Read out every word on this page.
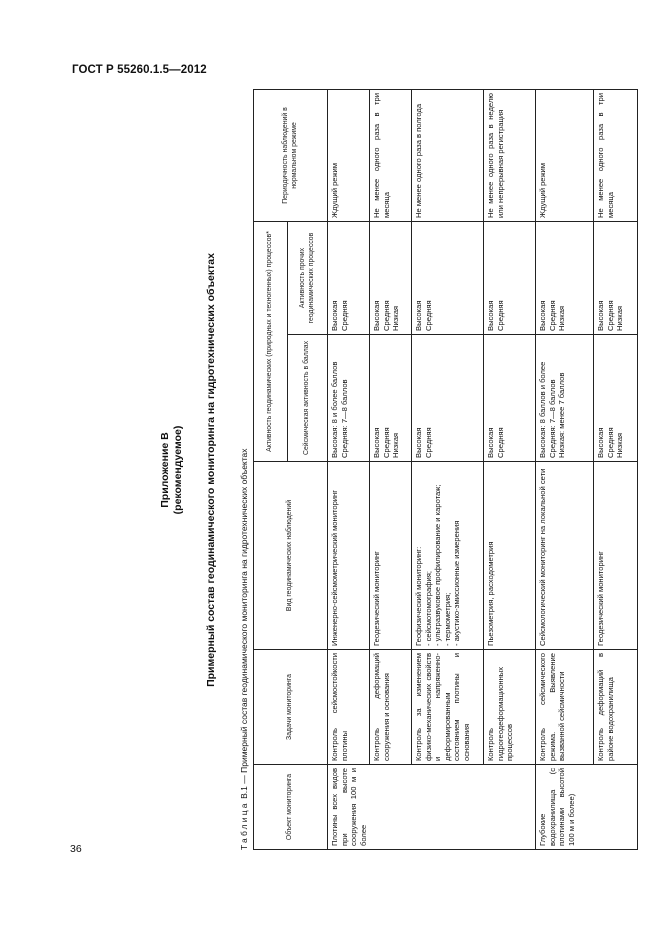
ГОСТ Р 55260.1.5—2012
Приложение В (рекомендуемое) Примерный состав геодинамического мониторинга на гидротехнических объектах
Таблица В.1 — Примерный состав геодинамического мониторинга на гидротехнических объектах
Объект мониторинга	Задачи мониторинга	Вид геодинамических наблюдений	Активность геодинамических (природных и техногенных) процессов*		Периодичность наблюдений в нормальном режиме
			Сейсмическая активность в баллах	Активность прочих геодинамических процессов	
Плотины всех видов при высоте сооружения 100 м и более	Контроль сейсмостойкости плотины	Инженерно-сейсмометрический мониторинг	Высокая: 8 и более баллов Средняя: 7—8 баллов	Высокая Средняя	Ждущий режим
	Контроль деформаций сооружения и основания	Геодезический мониторинг	Высокая Средняя Низкая	Высокая Средняя Низкая	Не менее одного раза в три месяца
	Контроль за изменением физико-механических свойств и напряженно-деформированным состоянием плотины и основания	Геофизический мониторинг: - сейсмотомография; - ультразвуковое профилирование и каротаж; - термометрия; - акустико-эмиссионные измерения	Высокая Средняя	Высокая Средняя	Не менее одного раза в полгода
	Контроль гидрогеодеформационных процессов	Пьезометрия, расходометрия	Высокая Средняя	Высокая Средняя	Не менее одного раза в неделю или непрерывная регистрация
Глубокие водохранилища (с плотинами высотой 100 м и более)	Контроль сейсмического режима. Выявление вызванной сейсмичности	Сейсмологический мониторинг на локальной сети	Высокая: 8 баллов и более Средняя: 7—8 баллов Низкая: менее 7 баллов	Высокая Средняя Низкая	Ждущий режим
	Контроль деформаций в районе водохранилища	Геодезический мониторинг	Высокая Средняя Низкая	Высокая Средняя Низкая	Не менее одного раза в три месяца
36
